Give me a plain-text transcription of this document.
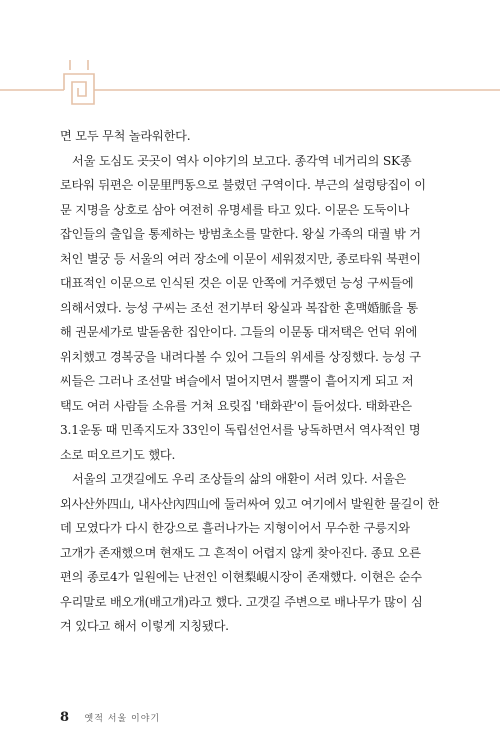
면 모두 무척 놀라워한다.

서울 도심도 곳곳이 역사 이야기의 보고다. 종각역 네거리의 SK종

로타워 뒤편은 이문里門동으로 불렸던 구역이다. 부근의 설렁탕집이 이

문 지명을 상호로 삼아 여전히 유명세를 타고 있다. 이문은 도둑이나

잡인들의 출입을 통제하는 방범초소를 말한다. 왕실 가족의 대궐 밖 거

처인 별궁 등 서울의 여러 장소에 이문이 세워졌지만, 종로타워 북편이

대표적인 이문으로 인식된 것은 이문 안쪽에 거주했던 능성 구씨들에

의해서였다. 능성 구씨는 조선 전기부터 왕실과 복잡한 혼맥婚脈을 통

해 권문세가로 발돋움한 집안이다. 그들의 이문동 대저택은 언덕 위에

위치했고 경복궁을 내려다볼 수 있어 그들의 위세를 상징했다. 능성 구

씨들은 그러나 조선말 벼슬에서 멀어지면서 뿔뿔이 흩어지게 되고 저

택도 여러 사람들 소유를 거쳐 요릿집 '태화관'이 들어섰다. 태화관은

3.1운동 때 민족지도자 33인이 독립선언서를 낭독하면서 역사적인 명

소로 떠오르기도 했다.

서울의 고갯길에도 우리 조상들의 삶의 애환이 서려 있다. 서울은

외사산外四山, 내사산內四山에 둘러싸여 있고 여기에서 발원한 물길이 한

데 모였다가 다시 한강으로 흘러나가는 지형이어서 무수한 구릉지와

고개가 존재했으며 현재도 그 흔적이 어렵지 않게 찾아진다. 종묘 오른

편의 종로4가 일원에는 난전인 이현梨峴시장이 존재했다. 이현은 순수

우리말로 배오개(배고개)라고 했다. 고갯길 주변으로 배나무가 많이 심

겨 있다고 해서 이렇게 지칭됐다.

8 옛적 서울 이야기
